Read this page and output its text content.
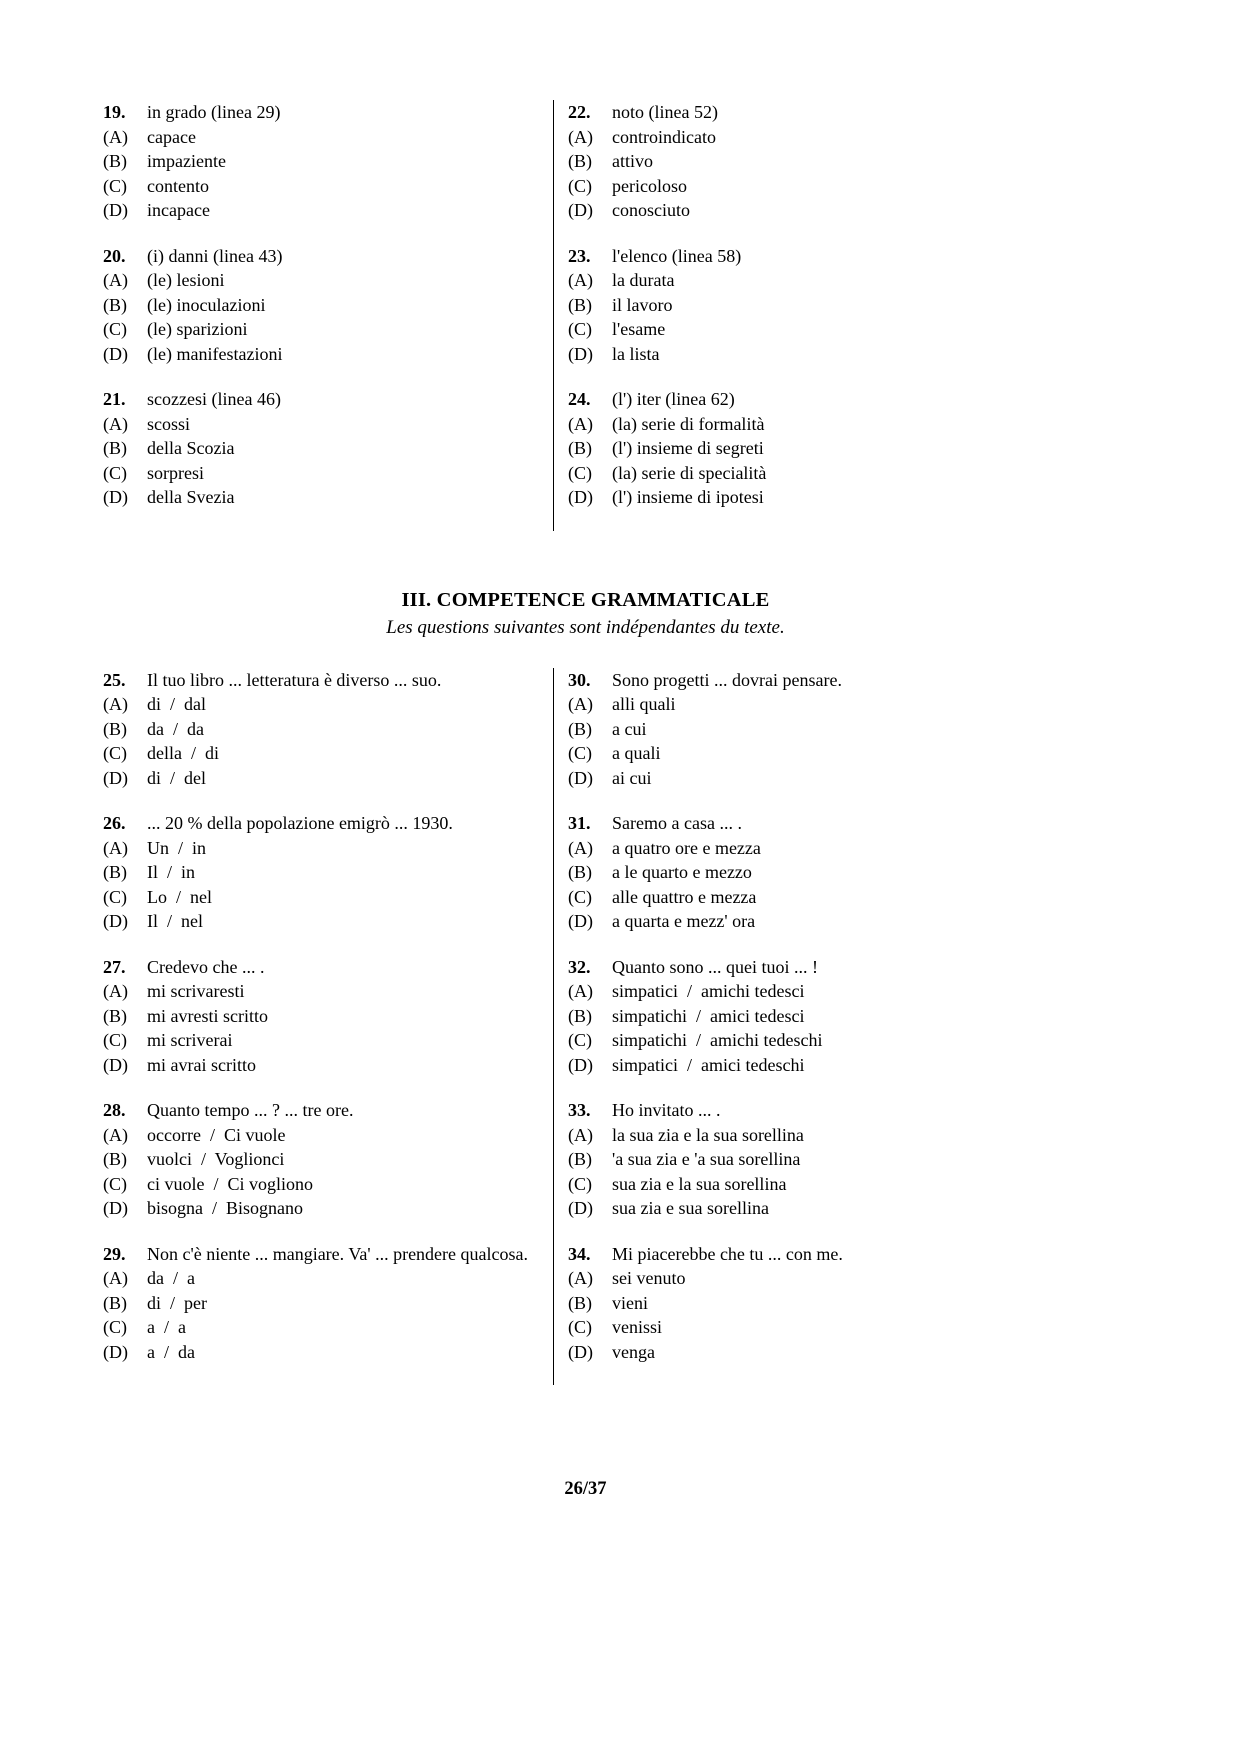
19.	in grado (linea 29)
(A)	capace
(B)	impaziente
(C)	contento
(D)	incapace
20.	(i) danni (linea 43)
(A)	(le) lesioni
(B)	(le) inoculazioni
(C)	(le) sparizioni
(D)	(le) manifestazioni
21.	scozzesi (linea 46)
(A)	scossi
(B)	della Scozia
(C)	sorpresi
(D)	della Svezia
22.	noto (linea 52)
(A)	controindicato
(B)	attivo
(C)	pericoloso
(D)	conosciuto
23.	l'elenco (linea 58)
(A)	la durata
(B)	il lavoro
(C)	l'esame
(D)	la lista
24.	(l') iter (linea 62)
(A)	(la) serie di formalità
(B)	(l') insieme di segreti
(C)	(la) serie di specialità
(D)	(l') insieme di ipotesi
III. COMPETENCE GRAMMATICALE
Les questions suivantes sont indépendantes du texte.
25.	Il tuo libro ... letteratura è diverso ... suo.
(A)	di  /  dal
(B)	da  /  da
(C)	della  /  di
(D)	di  /  del
26.	... 20 % della popolazione emigrò ... 1930.
(A)	Un  /  in
(B)	Il  /  in
(C)	Lo  /  nel
(D)	Il  /  nel
27.	Credevo che ... .
(A)	mi scrivaresti
(B)	mi avresti scritto
(C)	mi scriverai
(D)	mi avrai scritto
28.	Quanto tempo ... ? ... tre ore.
(A)	occorre  /  Ci vuole
(B)	vuolci  /  Voglionci
(C)	ci vuole  /  Ci vogliono
(D)	bisogna  /  Bisognano
29.	Non c'è niente ... mangiare. Va' ... prendere qualcosa.
(A)	da  /  a
(B)	di  /  per
(C)	a  /  a
(D)	a  /  da
30.	Sono progetti ... dovrai pensare.
(A)	alli quali
(B)	a cui
(C)	a quali
(D)	ai cui
31.	Saremo a casa ... .
(A)	a quatro ore e mezza
(B)	a le quarto e mezzo
(C)	alle quattro e mezza
(D)	a quarta e mezz' ora
32.	Quanto sono ... quei tuoi ... !
(A)	simpatici  /  amichi tedesci
(B)	simpatichi  /  amici tedesci
(C)	simpatichi  /  amichi tedeschi
(D)	simpatici  /  amici tedeschi
33.	Ho invitato ... .
(A)	la sua zia e la sua sorellina
(B)	'a sua zia e 'a sua sorellina
(C)	sua zia e la sua sorellina
(D)	sua zia e sua sorellina
34.	Mi piacerebbe che tu ... con me.
(A)	sei venuto
(B)	vieni
(C)	venissi
(D)	venga
26/37
